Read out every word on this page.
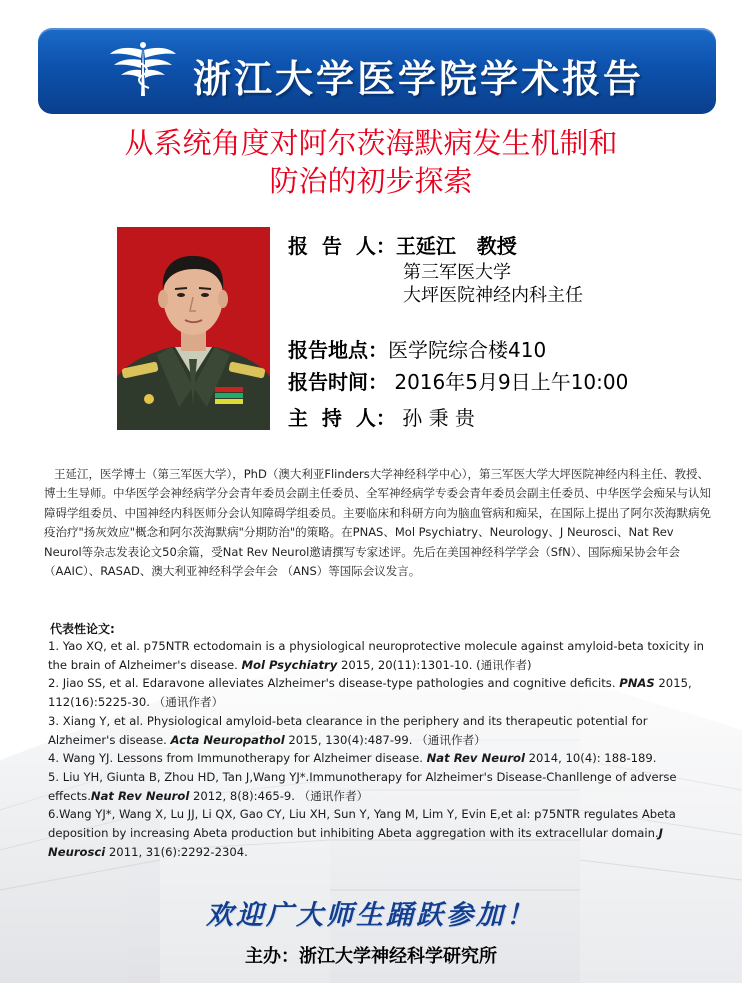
浙江大学医学院学术报告
从系统角度对阿尔茨海默病发生机制和
防治的初步探索
报  告  人：王延江   教授
第三军医大学
大坪医院神经内科主任
报告地点：医学院综合楼410
报告时间： 2016年5月9日上午10:00
主  持  人： 孙 秉 贵
王延江，医学博士（第三军医大学），PhD（澳大利亚Flinders大学神经科学中心），第三军医大学大坪医院神经内科主任、教授、博士生导师。中华医学会神经病学分会青年委员会副主任委员、全军神经病学专委会青年委员会副主任委员、中华医学会痴呆与认知障碍学组委员、中国神经内科医师分会认知障碍学组委员。主要临床和科研方向为脑血管病和痴呆，在国际上提出了阿尔茨海默病免疫治疗"扬灰效应"概念和阿尔茨海默病"分期防治"的策略。在PNAS、Mol Psychiatry、Neurology、J Neurosci、Nat Rev Neurol等杂志发表论文50余篇，受Nat Rev Neurol邀请撰写专家述评。先后在美国神经科学学会（SfN）、国际痴呆协会年会（AAIC）、RASAD、澳大利亚神经科学会年会 （ANS）等国际会议发言。
代表性论文:

1. Yao XQ, et al. p75NTR ectodomain is a physiological neuroprotective molecule against amyloid-beta toxicity in the brain of Alzheimer's disease. Mol Psychiatry 2015, 20(11):1301-10. (通讯作者)

2. Jiao SS, et al. Edaravone alleviates Alzheimer's disease-type pathologies and cognitive deficits. PNAS 2015, 112(16):5225-30. （通讯作者）

3. Xiang Y, et al. Physiological amyloid-beta clearance in the periphery and its therapeutic potential for Alzheimer's disease. Acta Neuropathol 2015, 130(4):487-99. （通讯作者）

4. Wang YJ. Lessons from Immunotherapy for Alzheimer disease. Nat Rev Neurol 2014, 10(4): 188-189.

5. Liu YH, Giunta B, Zhou HD, Tan J,Wang YJ*.Immunotherapy for Alzheimer's Disease-Chanllenge of adverse effects.Nat Rev Neurol 2012, 8(8):465-9. （通讯作者）

6.Wang YJ*, Wang X, Lu JJ, Li QX, Gao CY, Liu XH, Sun Y, Yang M, Lim Y, Evin E,et al: p75NTR regulates Abeta deposition by increasing Abeta production but inhibiting Abeta aggregation with its extracellular domain.J Neurosci 2011, 31(6):2292-2304.

欢迎广大师生踊跃参加！
主办：浙江大学神经科学研究所
